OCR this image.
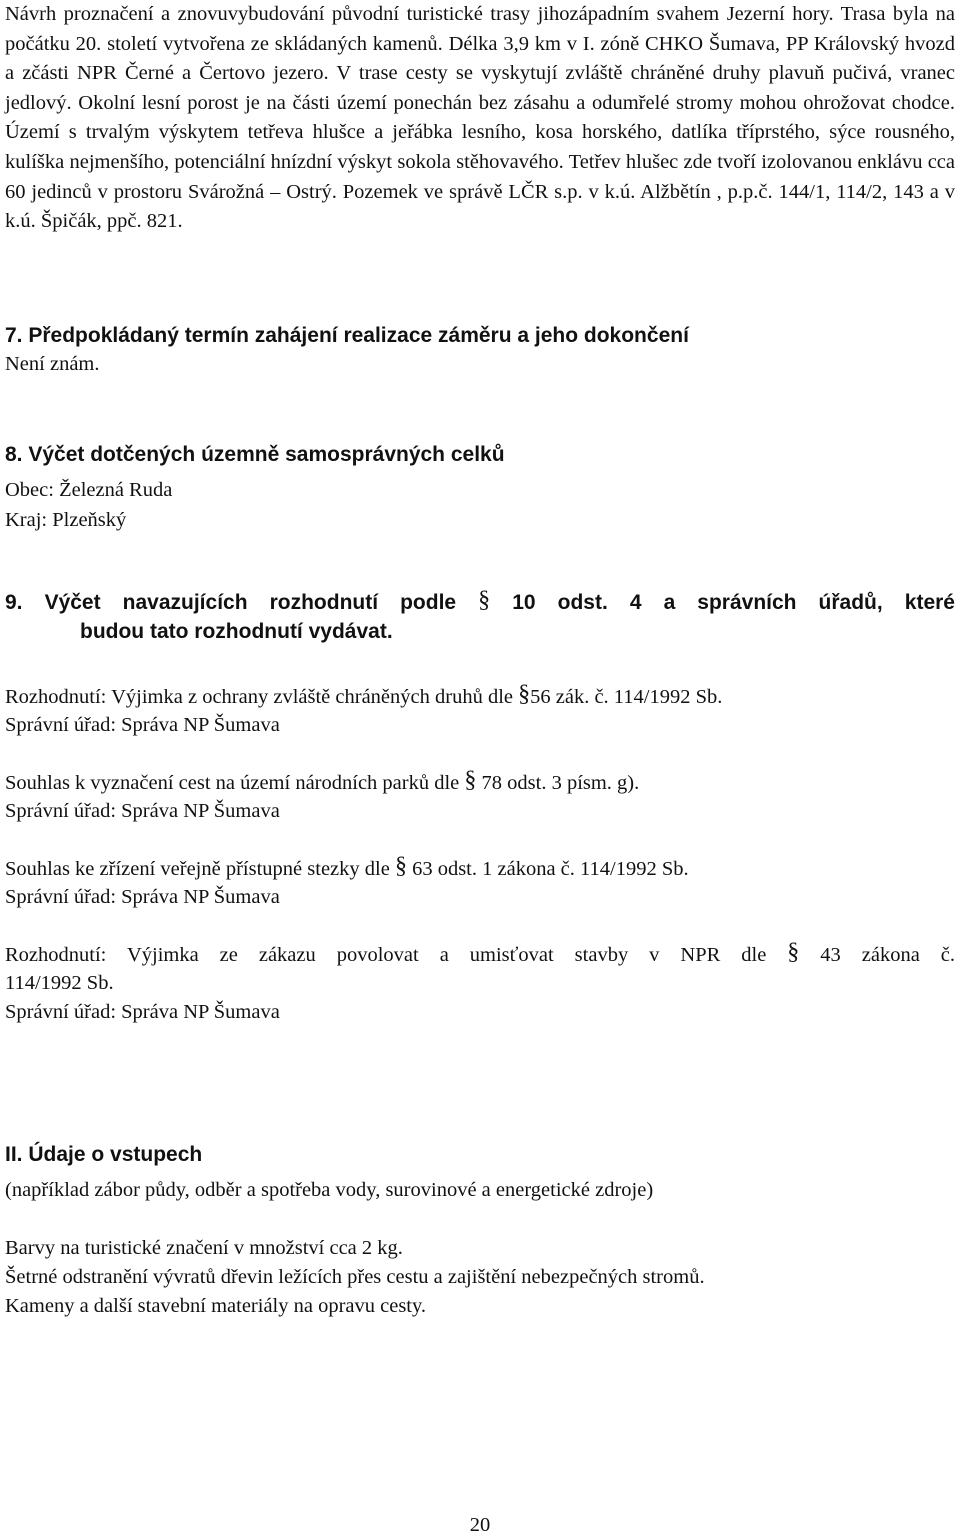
Návrh proznačení a znovuvybudování původní turistické trasy jihozápadním svahem Jezerní hory. Trasa byla na počátku 20. století vytvořena ze skládaných kamenů. Délka 3,9 km v I. zóně CHKO Šumava, PP Královský hvozd a zčásti NPR Černé a Čertovo jezero. V trase cesty se vyskytují zvláště chráněné druhy plavuň pučivá, vranec jedlový. Okolní lesní porost je na části území ponechán bez zásahu a odumřelé stromy mohou ohrožovat chodce. Území s trvalým výskytem tetřeva hlušce a jeřábka lesního, kosa horského, datlíka tříprstého, sýce rousného, kulíška nejmenšího, potenciální hnízdní výskyt sokola stěhovavého. Tetřev hlušec zde tvoří izolovanou enklávu cca 60 jedinců v prostoru Svárožná – Ostrý. Pozemek ve správě LČR s.p. v k.ú. Alžbětín , p.p.č. 144/1, 114/2, 143 a v k.ú. Špičák, ppč. 821.

7. Předpokládaný termín zahájení realizace záměru a jeho dokončení

Není znám.

8. Výčet dotčených územně samosprávných celků

Obec: Železná Ruda

Kraj: Plzeňský

9. Výčet navazujících rozhodnutí podle § 10 odst. 4 a správních úřadů, které

budou tato rozhodnutí vydávat.

Rozhodnutí: Výjimka z ochrany zvláště chráněných druhů dle §56 zák. č. 114/1992 Sb.

Správní úřad: Správa NP Šumava

Souhlas k vyznačení cest na území národních parků dle § 78 odst. 3 písm. g).

Správní úřad: Správa NP Šumava

Souhlas ke zřízení veřejně přístupné stezky dle § 63 odst. 1 zákona č. 114/1992 Sb.

Správní úřad: Správa NP Šumava

Rozhodnutí: Výjimka ze zákazu povolovat a umisťovat stavby v NPR dle § 43 zákona č.

114/1992 Sb.

Správní úřad: Správa NP Šumava

II. Údaje o vstupech

(například zábor půdy, odběr a spotřeba vody, surovinové a energetické zdroje)

Barvy na turistické značení v množství cca 2 kg.

Šetrné odstranění vývratů dřevin ležících přes cestu a zajištění nebezpečných stromů.

Kameny a další stavební materiály na opravu cesty.

20
